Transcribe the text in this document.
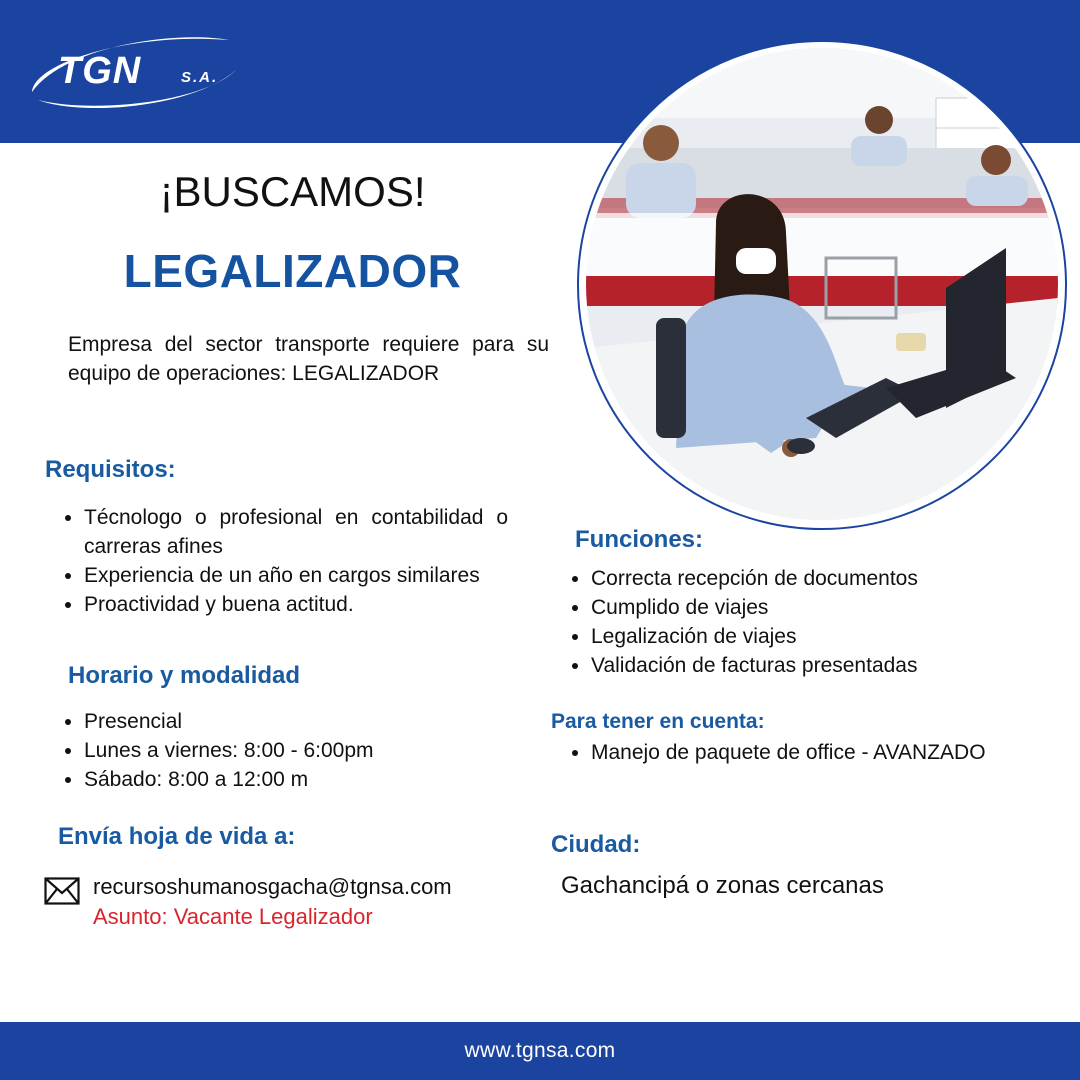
TGN	S.A.
¡BUSCAMOS!
LEGALIZADOR
Empresa del sector transporte requiere para su equipo de operaciones: LEGALIZADOR
Requisitos:
• Técnologo o profesional en contabilidad o carreras afines
• Experiencia de un año en cargos similares
• Proactividad y buena actitud.
Horario y modalidad
• Presencial
• Lunes a viernes: 8:00 - 6:00pm
• Sábado: 8:00 a 12:00 m
Envía hoja de vida a:
recursoshumanosgacha@tgnsa.com
Asunto: Vacante Legalizador
Funciones:
• Correcta recepción de documentos
• Cumplido de viajes
• Legalización de viajes
• Validación de facturas presentadas
Para tener en cuenta:
• Manejo de paquete de office - AVANZADO
Ciudad:
Gachancipá o zonas cercanas
www.tgnsa.com
